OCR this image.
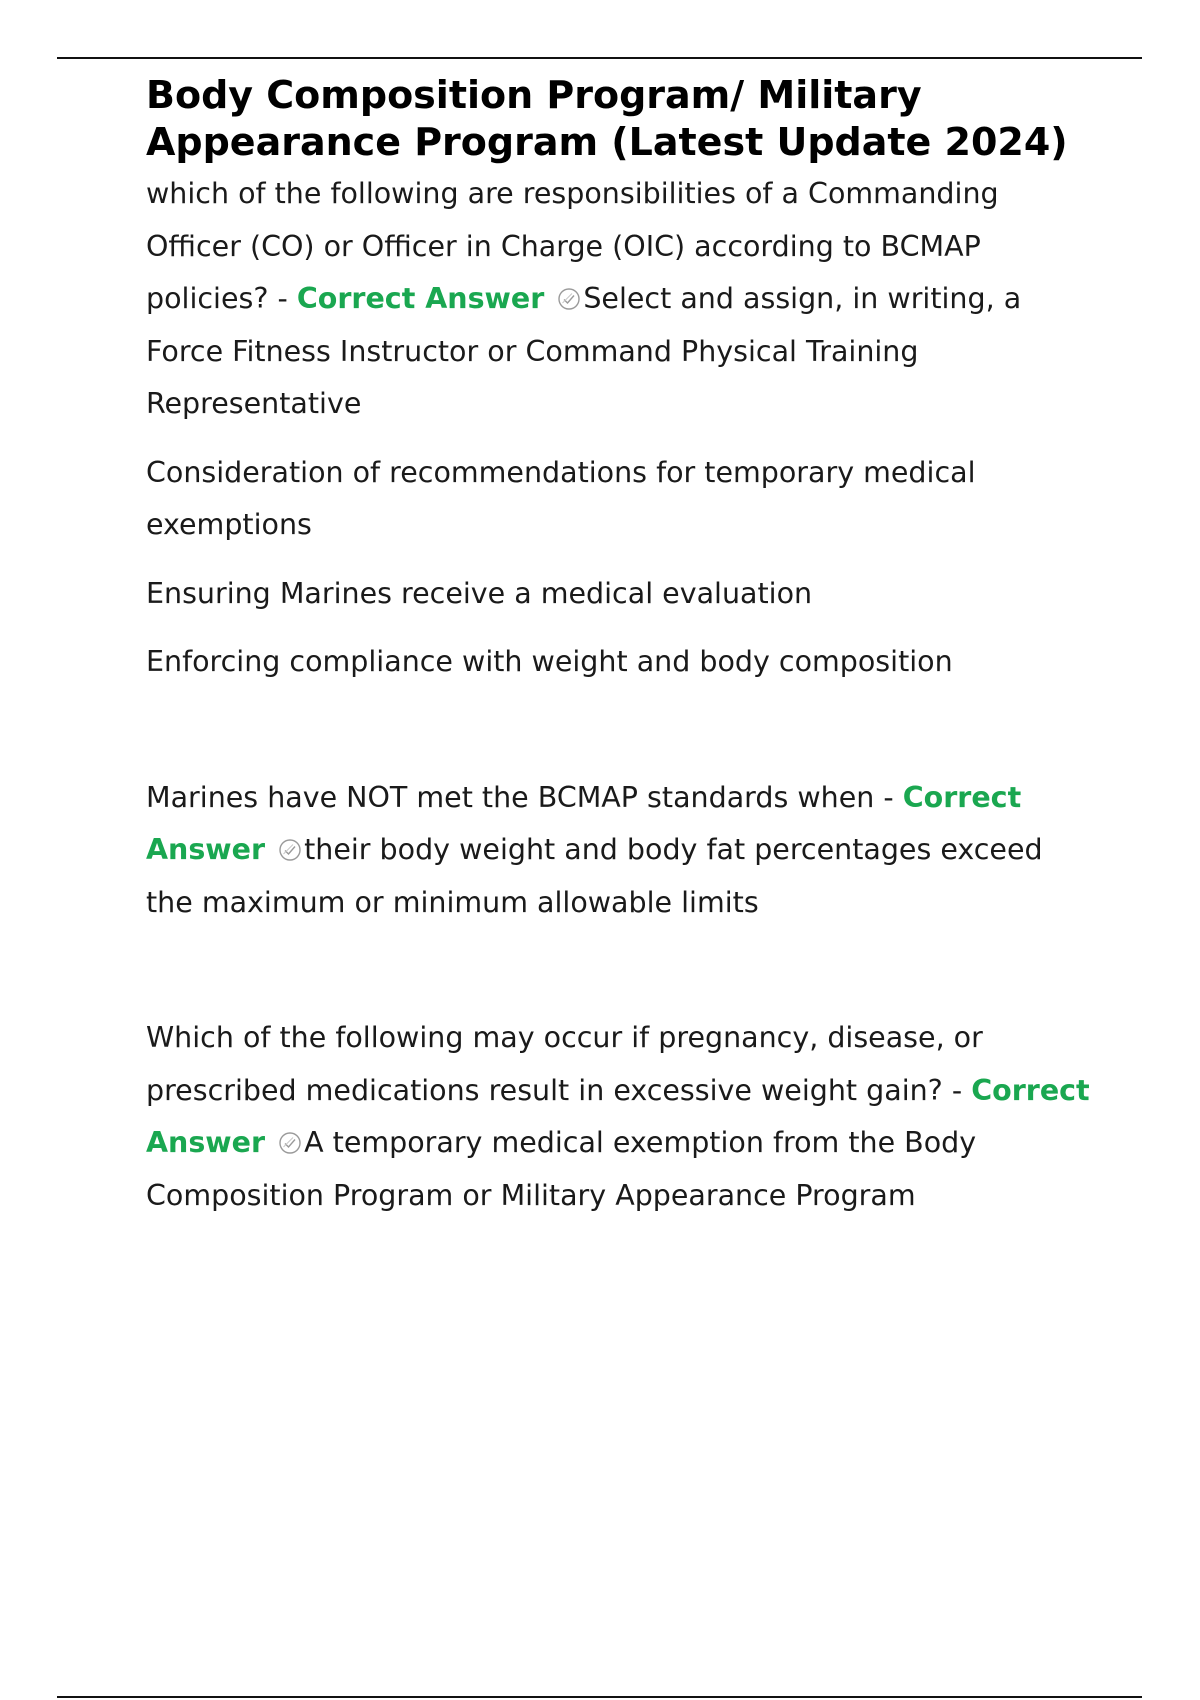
Body Composition Program/ Military Appearance Program (Latest Update 2024)

which of the following are responsibilities of a Commanding Officer (CO) or Officer in Charge (OIC) according to BCMAP policies? - Correct Answer Select and assign, in writing, a Force Fitness Instructor or Command Physical Training Representative

Consideration of recommendations for temporary medical exemptions

Ensuring Marines receive a medical evaluation

Enforcing compliance with weight and body composition

Marines have NOT met the BCMAP standards when - Correct Answer their body weight and body fat percentages exceed the maximum or minimum allowable limits

Which of the following may occur if pregnancy, disease, or prescribed medications result in excessive weight gain? - Correct Answer A temporary medical exemption from the Body Composition Program or Military Appearance Program
